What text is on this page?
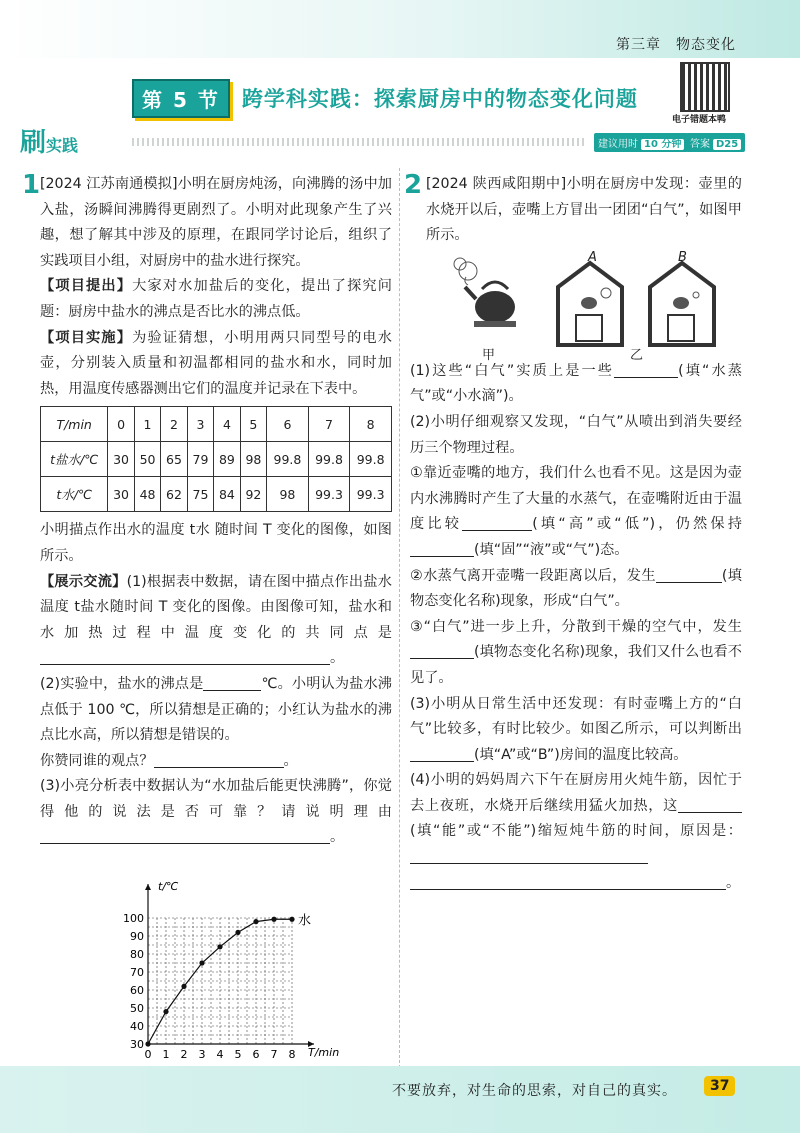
第三章　物态变化
第 5 节	跨学科实践：探索厨房中的物态变化问题
电子错题本鸭
刷实践	建议用时 10 分钟 答案 D25
1 [2024 江苏南通模拟]小明在厨房炖汤，向沸腾的汤中加入盐，汤瞬间沸腾得更剧烈了。小明对此现象产生了兴趣，想了解其中涉及的原理，在跟同学讨论后，组织了实践项目小组，对厨房中的盐水进行探究。

【项目提出】大家对水加盐后的变化，提出了探究问题：厨房中盐水的沸点是否比水的沸点低。

【项目实施】为验证猜想，小明用两只同型号的电水壶，分别装入质量和初温都相同的盐水和水，同时加热，用温度传感器测出它们的温度并记录在下表中。

T/min	0	1	2	3	4	5	6	7	8
t盐水/℃	30	50	65	79	89	98	99.8	99.8	99.8
t水/℃	30	48	62	75	84	92	98	99.3	99.3

小明描点作出水的温度 t水 随时间 T 变化的图像，如图所示。

【展示交流】(1)根据表中数据，请在图中描点作出盐水温度 t盐水随时间 T 变化的图像。由图像可知，盐水和水加热过程中温度变化的共同点是。

(2)实验中，盐水的沸点是	℃。小明认为盐水沸点低于 100 ℃，所以猜想是正确的；小红认为盐水的沸点比水高，所以猜想是错误的。

你赞同谁的观点？	。

(3)小亮分析表中数据认为“水加盐后能更快沸腾”，你觉得他的说法是否可靠？请说明理由。

0 1 2 3 4 5 6 7 8
40
50
60
70
80
90
100
30
t/℃
T/min
水
2 [2024 陕西咸阳期中]小明在厨房中发现：壶里的水烧开以后，壶嘴上方冒出一团团“白气”，如图甲所示。

A	B
甲	乙

(1)这些“白气”实质上是一些	(填“水蒸气”或“小水滴”)。

(2)小明仔细观察又发现，“白气”从喷出到消失要经历三个物理过程。

①靠近壶嘴的地方，我们什么也看不见。这是因为壶内水沸腾时产生了大量的水蒸气，在壶嘴附近由于温度比较	(填“高”或“低”)，仍然保持(填“固”“液”或“气”)态。

②水蒸气离开壶嘴一段距离以后，发生	(填物态变化名称)现象，形成“白气”。

③“白气”进一步上升，分散到干燥的空气中，发生(填物态变化名称)现象，我们又什么也看不见了。

(3)小明从日常生活中还发现：有时壶嘴上方的“白气”比较多，有时比较少。如图乙所示，可以判断出(填“A”或“B”)房间的温度比较高。

(4)小明的妈妈周六下午在厨房用火炖牛筋，因忙于去上夜班，水烧开后继续用猛火加热，这(填“能”或“不能”)缩短炖牛筋的时间，原因是：
。

不要放弃，对生命的思索，对自己的真实。	37
